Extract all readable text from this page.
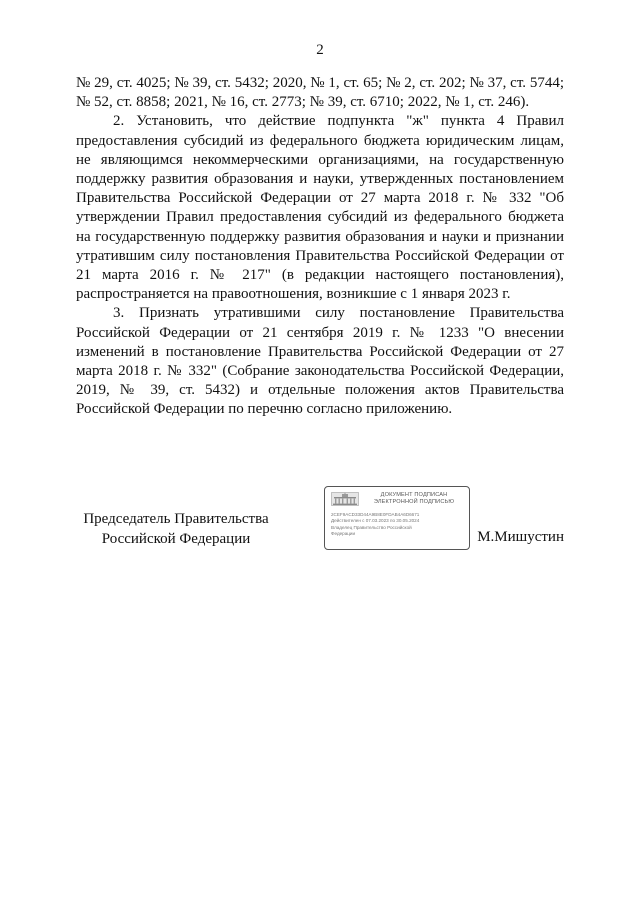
2

№ 29, ст. 4025; № 39, ст. 5432; 2020, № 1, ст. 65; № 2, ст. 202; № 37, ст. 5744; № 52, ст. 8858; 2021, № 16, ст. 2773; № 39, ст. 6710; 2022, № 1, ст. 246).

2. Установить, что действие подпункта "ж" пункта 4 Правил предоставления субсидий из федерального бюджета юридическим лицам, не являющимся некоммерческими организациями, на государственную поддержку развития образования и науки, утвержденных постановлением Правительства Российской Федерации от 27 марта 2018 г. № 332 "Об утверждении Правил предоставления субсидий из федерального бюджета на государственную поддержку развития образования и науки и признании утратившим силу постановления Правительства Российской Федерации от 21 марта 2016 г. № 217" (в редакции настоящего постановления), распространяется на правоотношения, возникшие с 1 января 2023 г.

3. Признать утратившими силу постановление Правительства Российской Федерации от 21 сентября 2019 г. № 1233 "О внесении изменений в постановление Правительства Российской Федерации от 27 марта 2018 г. № 332" (Собрание законодательства Российской Федерации, 2019, № 39, ст. 5432) и отдельные положения актов Правительства Российской Федерации по перечню согласно приложению.

Председатель Правительства
Российской Федерации
ДОКУМЕНТ ПОДПИСАН
ЭЛЕКТРОННОЙ ПОДПИСЬЮ
2CEF9ACD33D44A9B8E0FDAB4A6D6671
Действителен с 07.03.2023 по 30.05.2024
Владелец Правительство Российской
Федерации	М.Мишустин
